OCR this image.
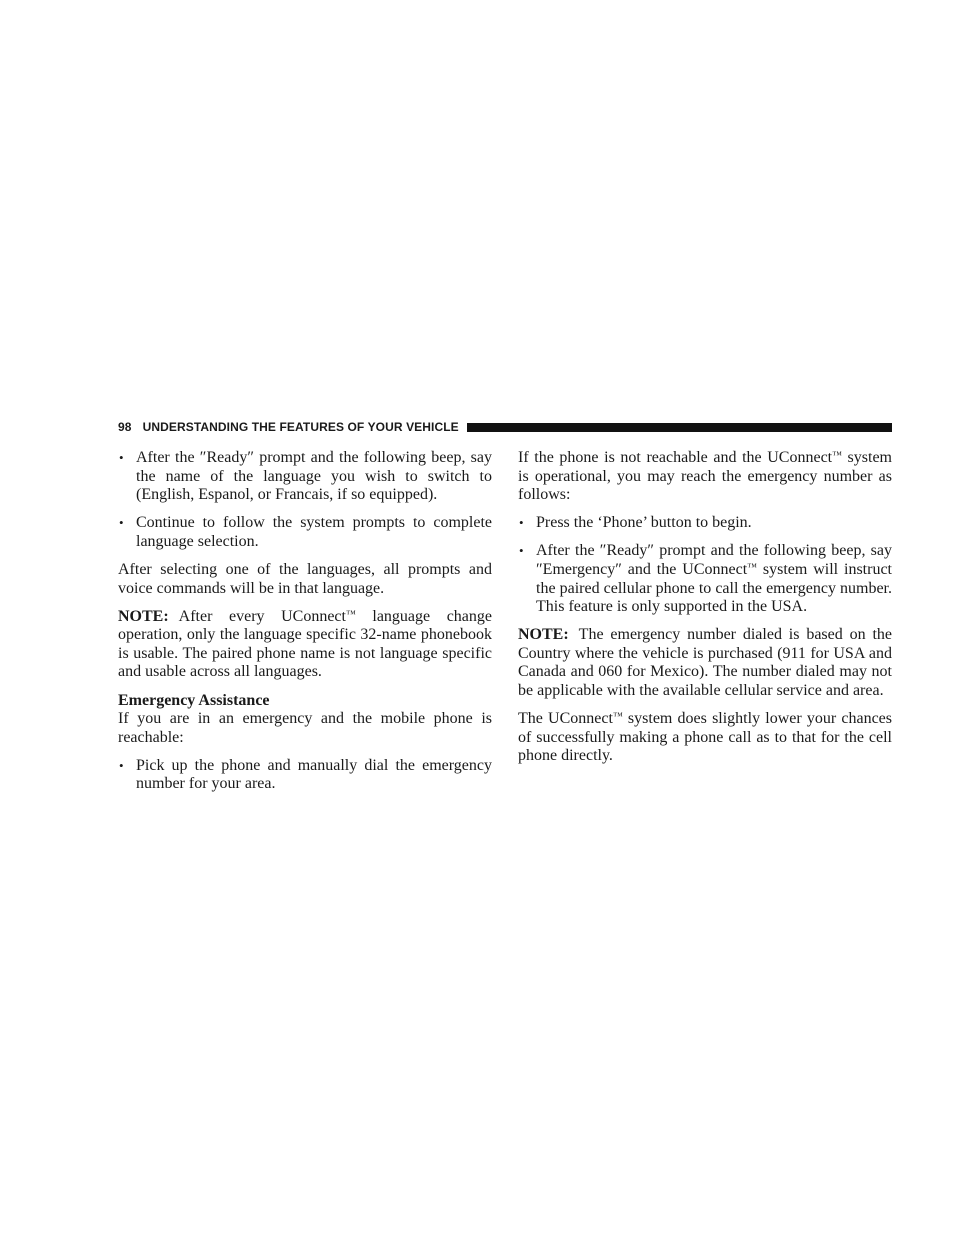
98 UNDERSTANDING THE FEATURES OF YOUR VEHICLE
• After the ″Ready″ prompt and the following beep, say the name of the language you wish to switch to (English, Espanol, or Francais, if so equipped).
• Continue to follow the system prompts to complete language selection.

After selecting one of the languages, all prompts and voice commands will be in that language.

NOTE: After every UConnect™ language change operation, only the language specific 32-name phonebook is usable. The paired phone name is not language specific and usable across all languages.

Emergency Assistance

If you are in an emergency and the mobile phone is reachable:

• Pick up the phone and manually dial the emergency number for your area.

If the phone is not reachable and the UConnect™ system is operational, you may reach the emergency number as follows:

• Press the ‘Phone’ button to begin.
• After the ″Ready″ prompt and the following beep, say ″Emergency″ and the UConnect™ system will instruct the paired cellular phone to call the emergency number. This feature is only supported in the USA.

NOTE: The emergency number dialed is based on the Country where the vehicle is purchased (911 for USA and Canada and 060 for Mexico). The number dialed may not be applicable with the available cellular service and area.

The UConnect™ system does slightly lower your chances of successfully making a phone call as to that for the cell phone directly.
